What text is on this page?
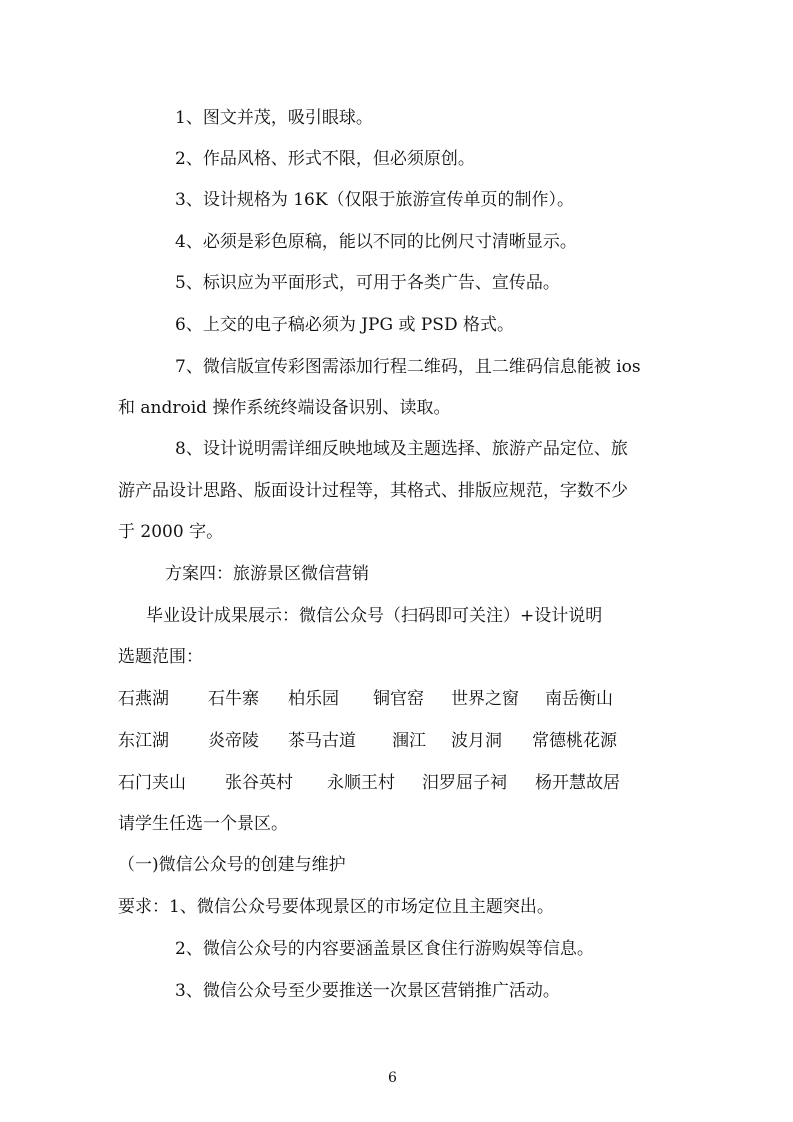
1、图文并茂，吸引眼球。
2、作品风格、形式不限，但必须原创。
3、设计规格为 16K（仅限于旅游宣传单页的制作）。
4、必须是彩色原稿，能以不同的比例尺寸清晰显示。
5、标识应为平面形式，可用于各类广告、宣传品。
6、上交的电子稿必须为 JPG 或 PSD 格式。
7、微信版宣传彩图需添加行程二维码，且二维码信息能被 ios
和 android 操作系统终端设备识别、读取。
8、设计说明需详细反映地域及主题选择、旅游产品定位、旅
游产品设计思路、版面设计过程等，其格式、排版应规范，字数不少
于 2000 字。
方案四：旅游景区微信营销
毕业设计成果展示：微信公众号（扫码即可关注）+设计说明
选题范围：
石燕湖 石牛寨 柏乐园 铜官窑 世界之窗 南岳衡山
东江湖 炎帝陵 茶马古道 涠江 波月洞 常德桃花源
石门夹山 张谷英村 永顺王村 汨罗屈子祠 杨开慧故居
请学生任选一个景区。
（一)微信公众号的创建与维护
要求：1、微信公众号要体现景区的市场定位且主题突出。
2、微信公众号的内容要涵盖景区食住行游购娱等信息。
3、微信公众号至少要推送一次景区营销推广活动。
6
